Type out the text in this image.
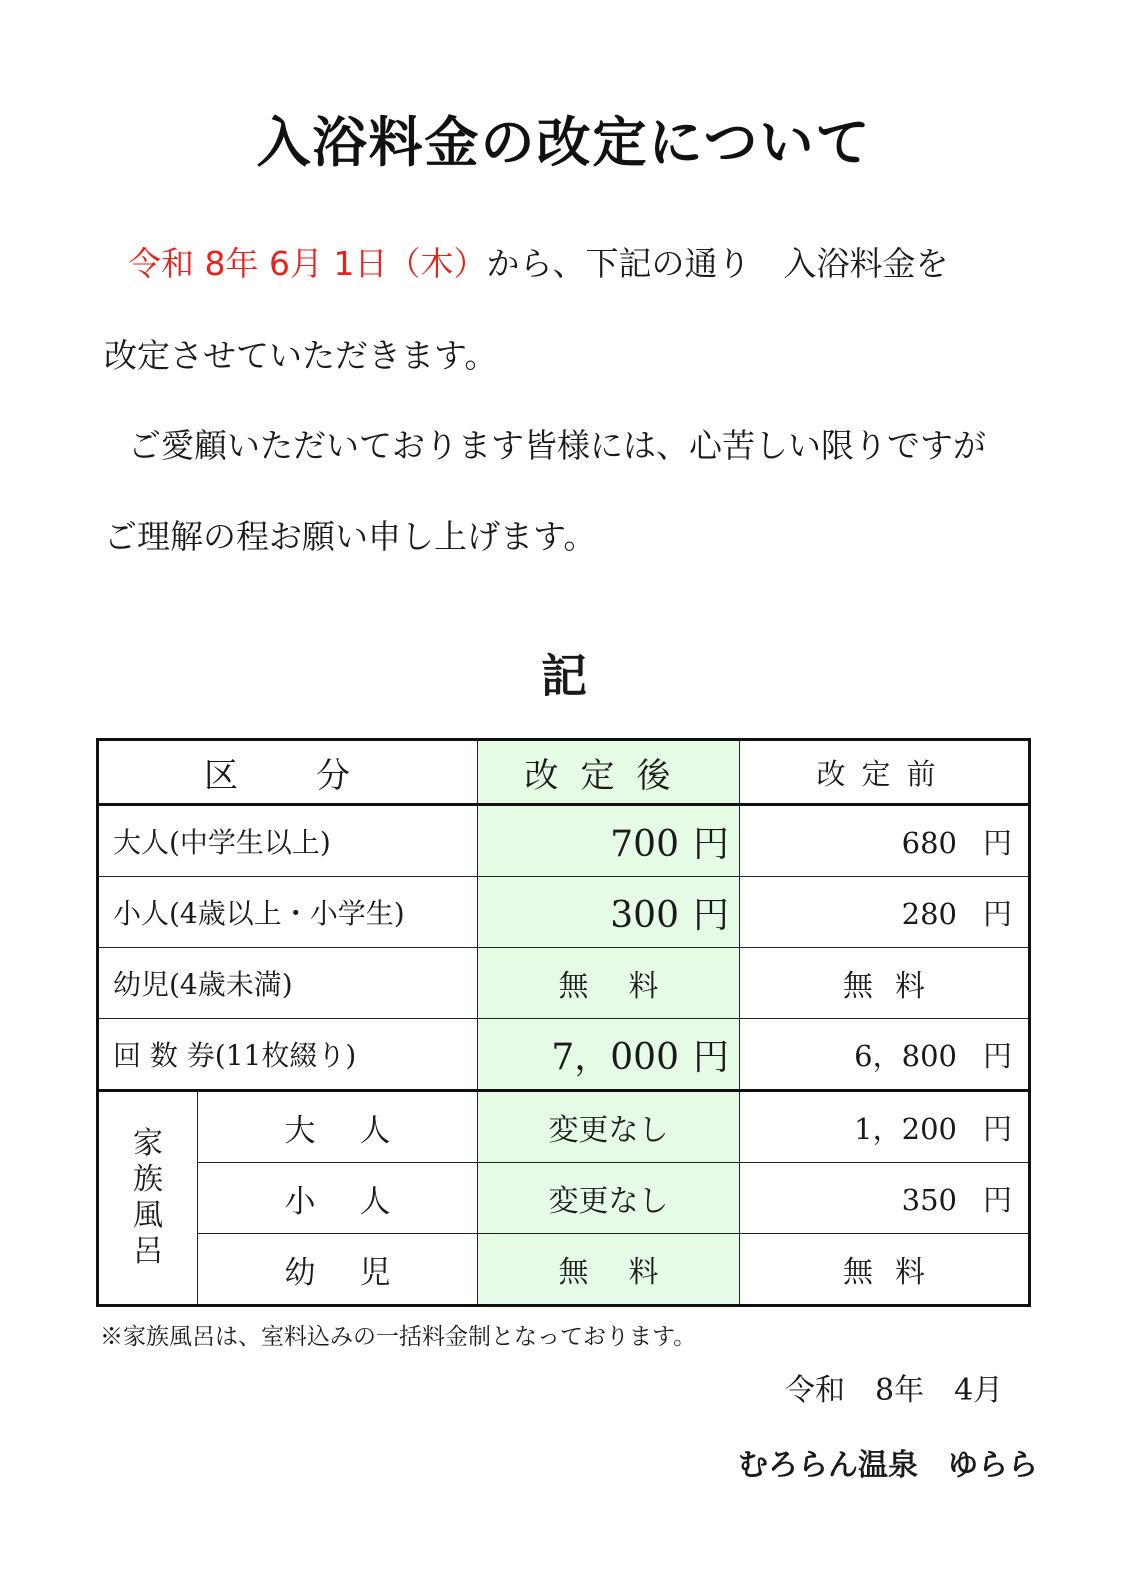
入浴料金の改定について
令和 8年 6月 1日（木）から、下記の通り　入浴料金を
改定させていただきます。
ご愛顧いただいております皆様には、心苦しい限りですが
ご理解の程お願い申し上げます。
記
区　分		改定後	改定前
大人(中学生以上)		700 円	680 円
小人(4歳以上・小学生)		300 円	280 円
幼児(4歳未満)		無料	無料
回 数 券(11枚綴り)		7，000 円	6，800 円

家
族
風
呂	大人	変更なし	1，200 円
	小人	変更なし	350 円
	幼児	無料	無料
※家族風呂は、室料込みの一括料金制となっております。
令和　8年　4月
むろらん温泉　ゆらら
